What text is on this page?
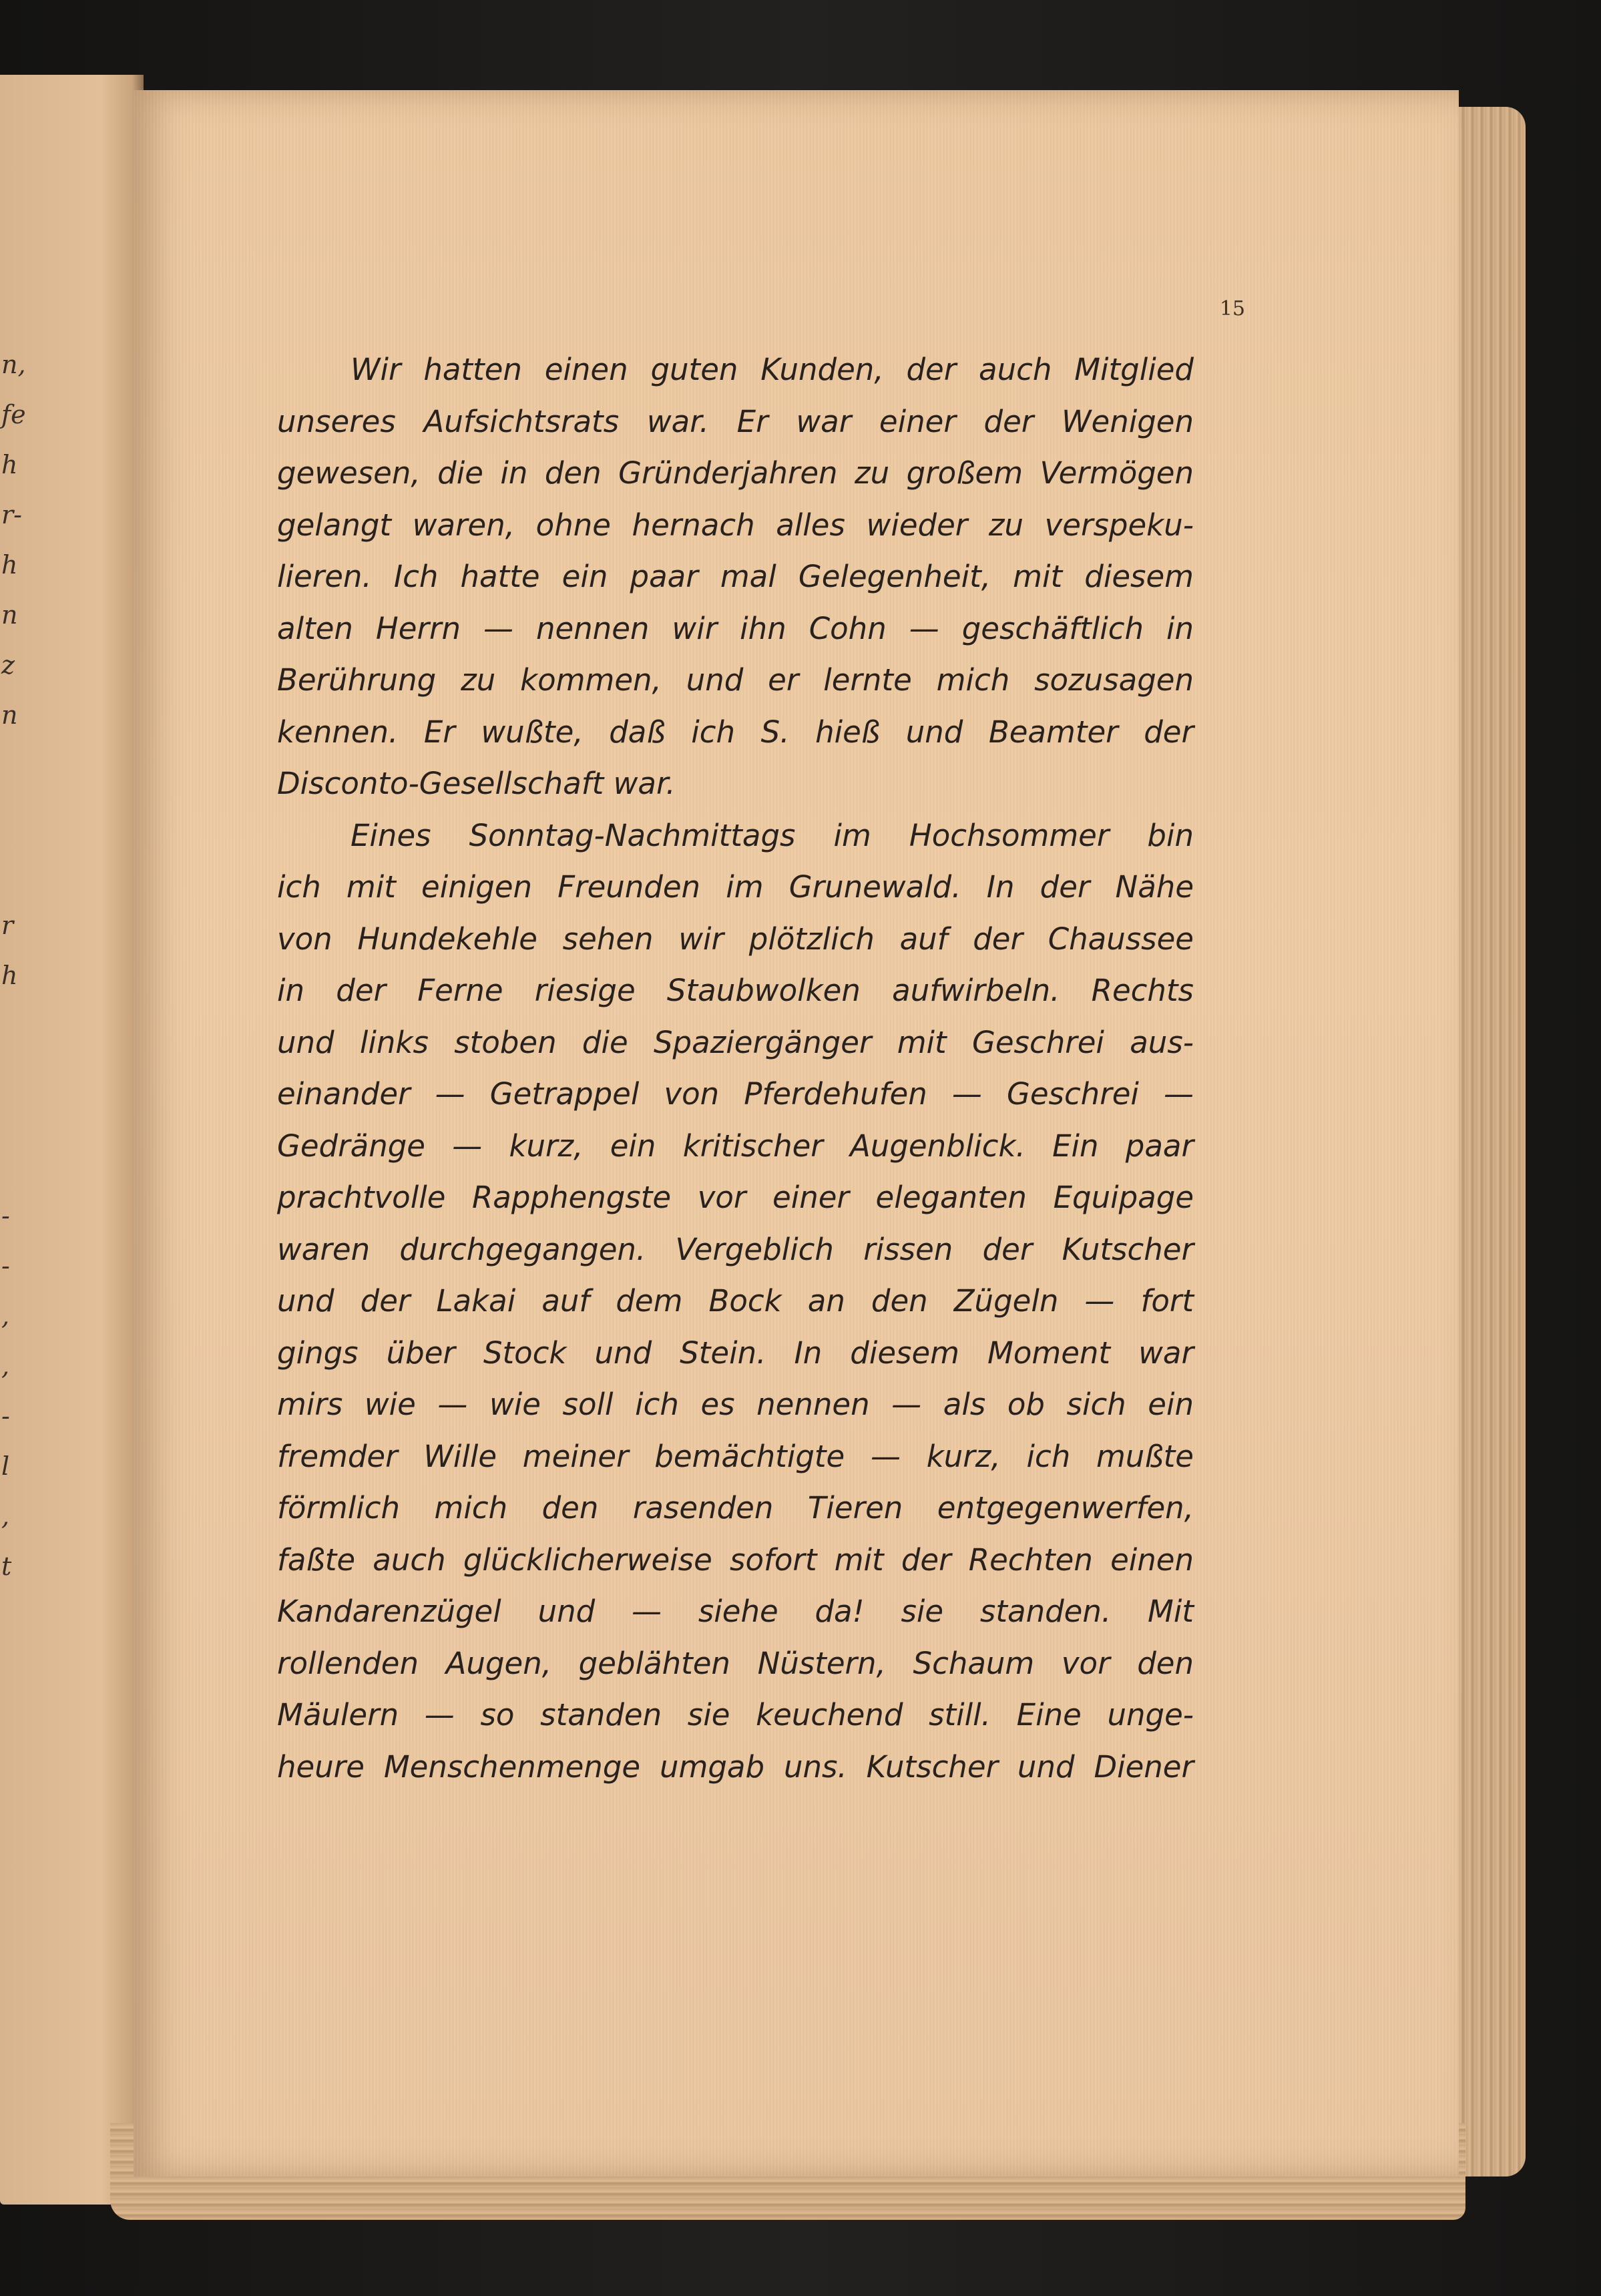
n,
fe
h
r-
h
n
z
n
r
h
-
-
,
,
-
l
,
t
15
Wir hatten einen guten Kunden, der auch Mitglied
unseres Aufsichtsrats war. Er war einer der Wenigen
gewesen, die in den Gründerjahren zu großem Vermögen
gelangt waren, ohne hernach alles wieder zu verspeku-
lieren. Ich hatte ein paar mal Gelegenheit, mit diesem
alten Herrn — nennen wir ihn Cohn — geschäftlich in
Berührung zu kommen, und er lernte mich sozusagen
kennen. Er wußte, daß ich S. hieß und Beamter der
Disconto-Gesellschaft war.
Eines Sonntag-Nachmittags im Hochsommer bin
ich mit einigen Freunden im Grunewald. In der Nähe
von Hundekehle sehen wir plötzlich auf der Chaussee
in der Ferne riesige Staubwolken aufwirbeln. Rechts
und links stoben die Spaziergänger mit Geschrei aus-
einander — Getrappel von Pferdehufen — Geschrei —
Gedränge — kurz, ein kritischer Augenblick. Ein paar
prachtvolle Rapphengste vor einer eleganten Equipage
waren durchgegangen. Vergeblich rissen der Kutscher
und der Lakai auf dem Bock an den Zügeln — fort
gings über Stock und Stein. In diesem Moment war
mirs wie — wie soll ich es nennen — als ob sich ein
fremder Wille meiner bemächtigte — kurz, ich mußte
förmlich mich den rasenden Tieren entgegenwerfen,
faßte auch glücklicherweise sofort mit der Rechten einen
Kandarenzügel und — siehe da! sie standen. Mit
rollenden Augen, geblähten Nüstern, Schaum vor den
Mäulern — so standen sie keuchend still. Eine unge-
heure Menschenmenge umgab uns. Kutscher und Diener
